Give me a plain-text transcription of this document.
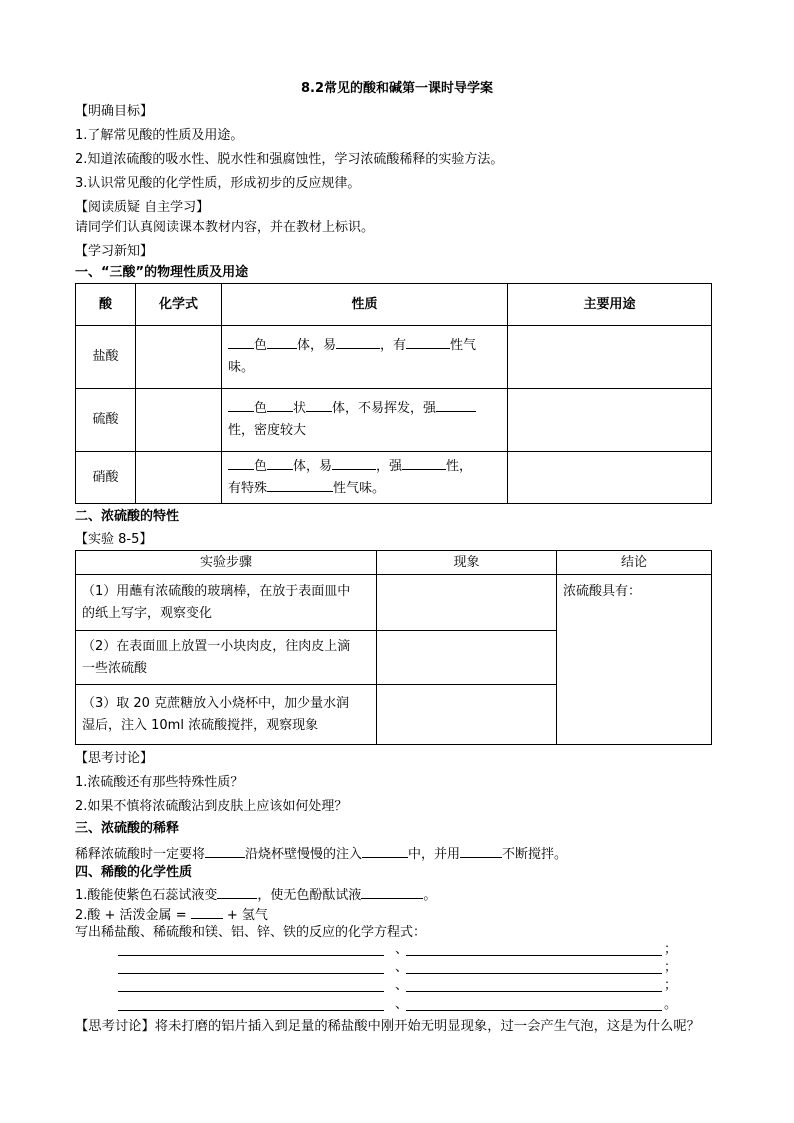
8.2常见的酸和碱第一课时导学案
【明确目标】
1.了解常见酸的性质及用途。
2.知道浓硫酸的吸水性、脱水性和强腐蚀性，学习浓硫酸稀释的实验方法。
3.认识常见酸的化学性质，形成初步的反应规律。
【阅读质疑 自主学习】
请同学们认真阅读课本教材内容，并在教材上标识。
【学习新知】
一、“三酸”的物理性质及用途
酸	化学式	性质	主要用途
盐酸		色 体，易 ，有 性气
味。	
硫酸		色 状 体，不易挥发，强
性，密度较大	
硝酸		色 体，易 ，强 性，
有特殊 性气味。	
二、浓硫酸的特性
【实验 8-5】
实验步骤	现象	结论
（1）用蘸有浓硫酸的玻璃棒，在放于表面皿中
的纸上写字，观察变化		浓硫酸具有：
（2）在表面皿上放置一小块肉皮，往肉皮上滴
一些浓硫酸		
（3）取 20 克蔗糖放入小烧杯中，加少量水润
湿后，注入 10ml 浓硫酸搅拌，观察现象		
【思考讨论】
1.浓硫酸还有那些特殊性质？
2.如果不慎将浓硫酸沾到皮肤上应该如何处理？
三、浓硫酸的稀释
稀释浓硫酸时一定要将	沿烧杯壁慢慢的注入	中，并用	不断搅拌。
四、稀酸的化学性质
1.酸能使紫色石蕊试液变	，使无色酚酞试液	。
2.酸 + 活泼金属 =  + 氢气
写出稀盐酸、稀硫酸和镁、铝、锌、铁的反应的化学方程式：
、	；
、	；
、	；
、	。
【思考讨论】将未打磨的铝片插入到足量的稀盐酸中刚开始无明显现象，过一会产生气泡，这是为什么呢？
